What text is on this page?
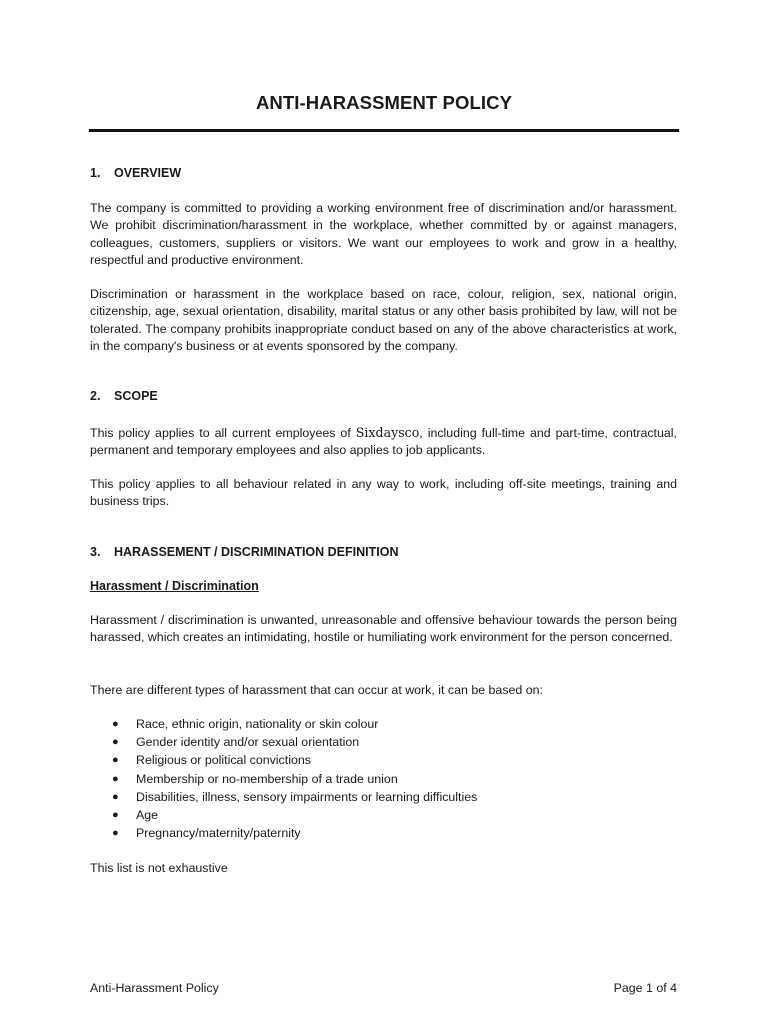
ANTI-HARASSMENT POLICY
1. OVERVIEW
The company is committed to providing a working environment free of discrimination and/or harassment. We prohibit discrimination/harassment in the workplace, whether committed by or against managers, colleagues, customers, suppliers or visitors. We want our employees to work and grow in a healthy, respectful and productive environment.
Discrimination or harassment in the workplace based on race, colour, religion, sex, national origin, citizenship, age, sexual orientation, disability, marital status or any other basis prohibited by law, will not be tolerated. The company prohibits inappropriate conduct based on any of the above characteristics at work, in the company's business or at events sponsored by the company.
2. SCOPE
This policy applies to all current employees of Sixdaysco, including full-time and part-time, contractual, permanent and temporary employees and also applies to job applicants.
This policy applies to all behaviour related in any way to work, including off-site meetings, training and business trips.
3. HARASSEMENT / DISCRIMINATION DEFINITION
Harassment / Discrimination
Harassment / discrimination is unwanted, unreasonable and offensive behaviour towards the person being harassed, which creates an intimidating, hostile or humiliating work environment for the person concerned.
There are different types of harassment that can occur at work, it can be based on:
● Race, ethnic origin, nationality or skin colour
● Gender identity and/or sexual orientation
● Religious or political convictions
● Membership or no-membership of a trade union
● Disabilities, illness, sensory impairments or learning difficulties
● Age
● Pregnancy/maternity/paternity
This list is not exhaustive
Anti-Harassment Policy	Page 1 of 4
